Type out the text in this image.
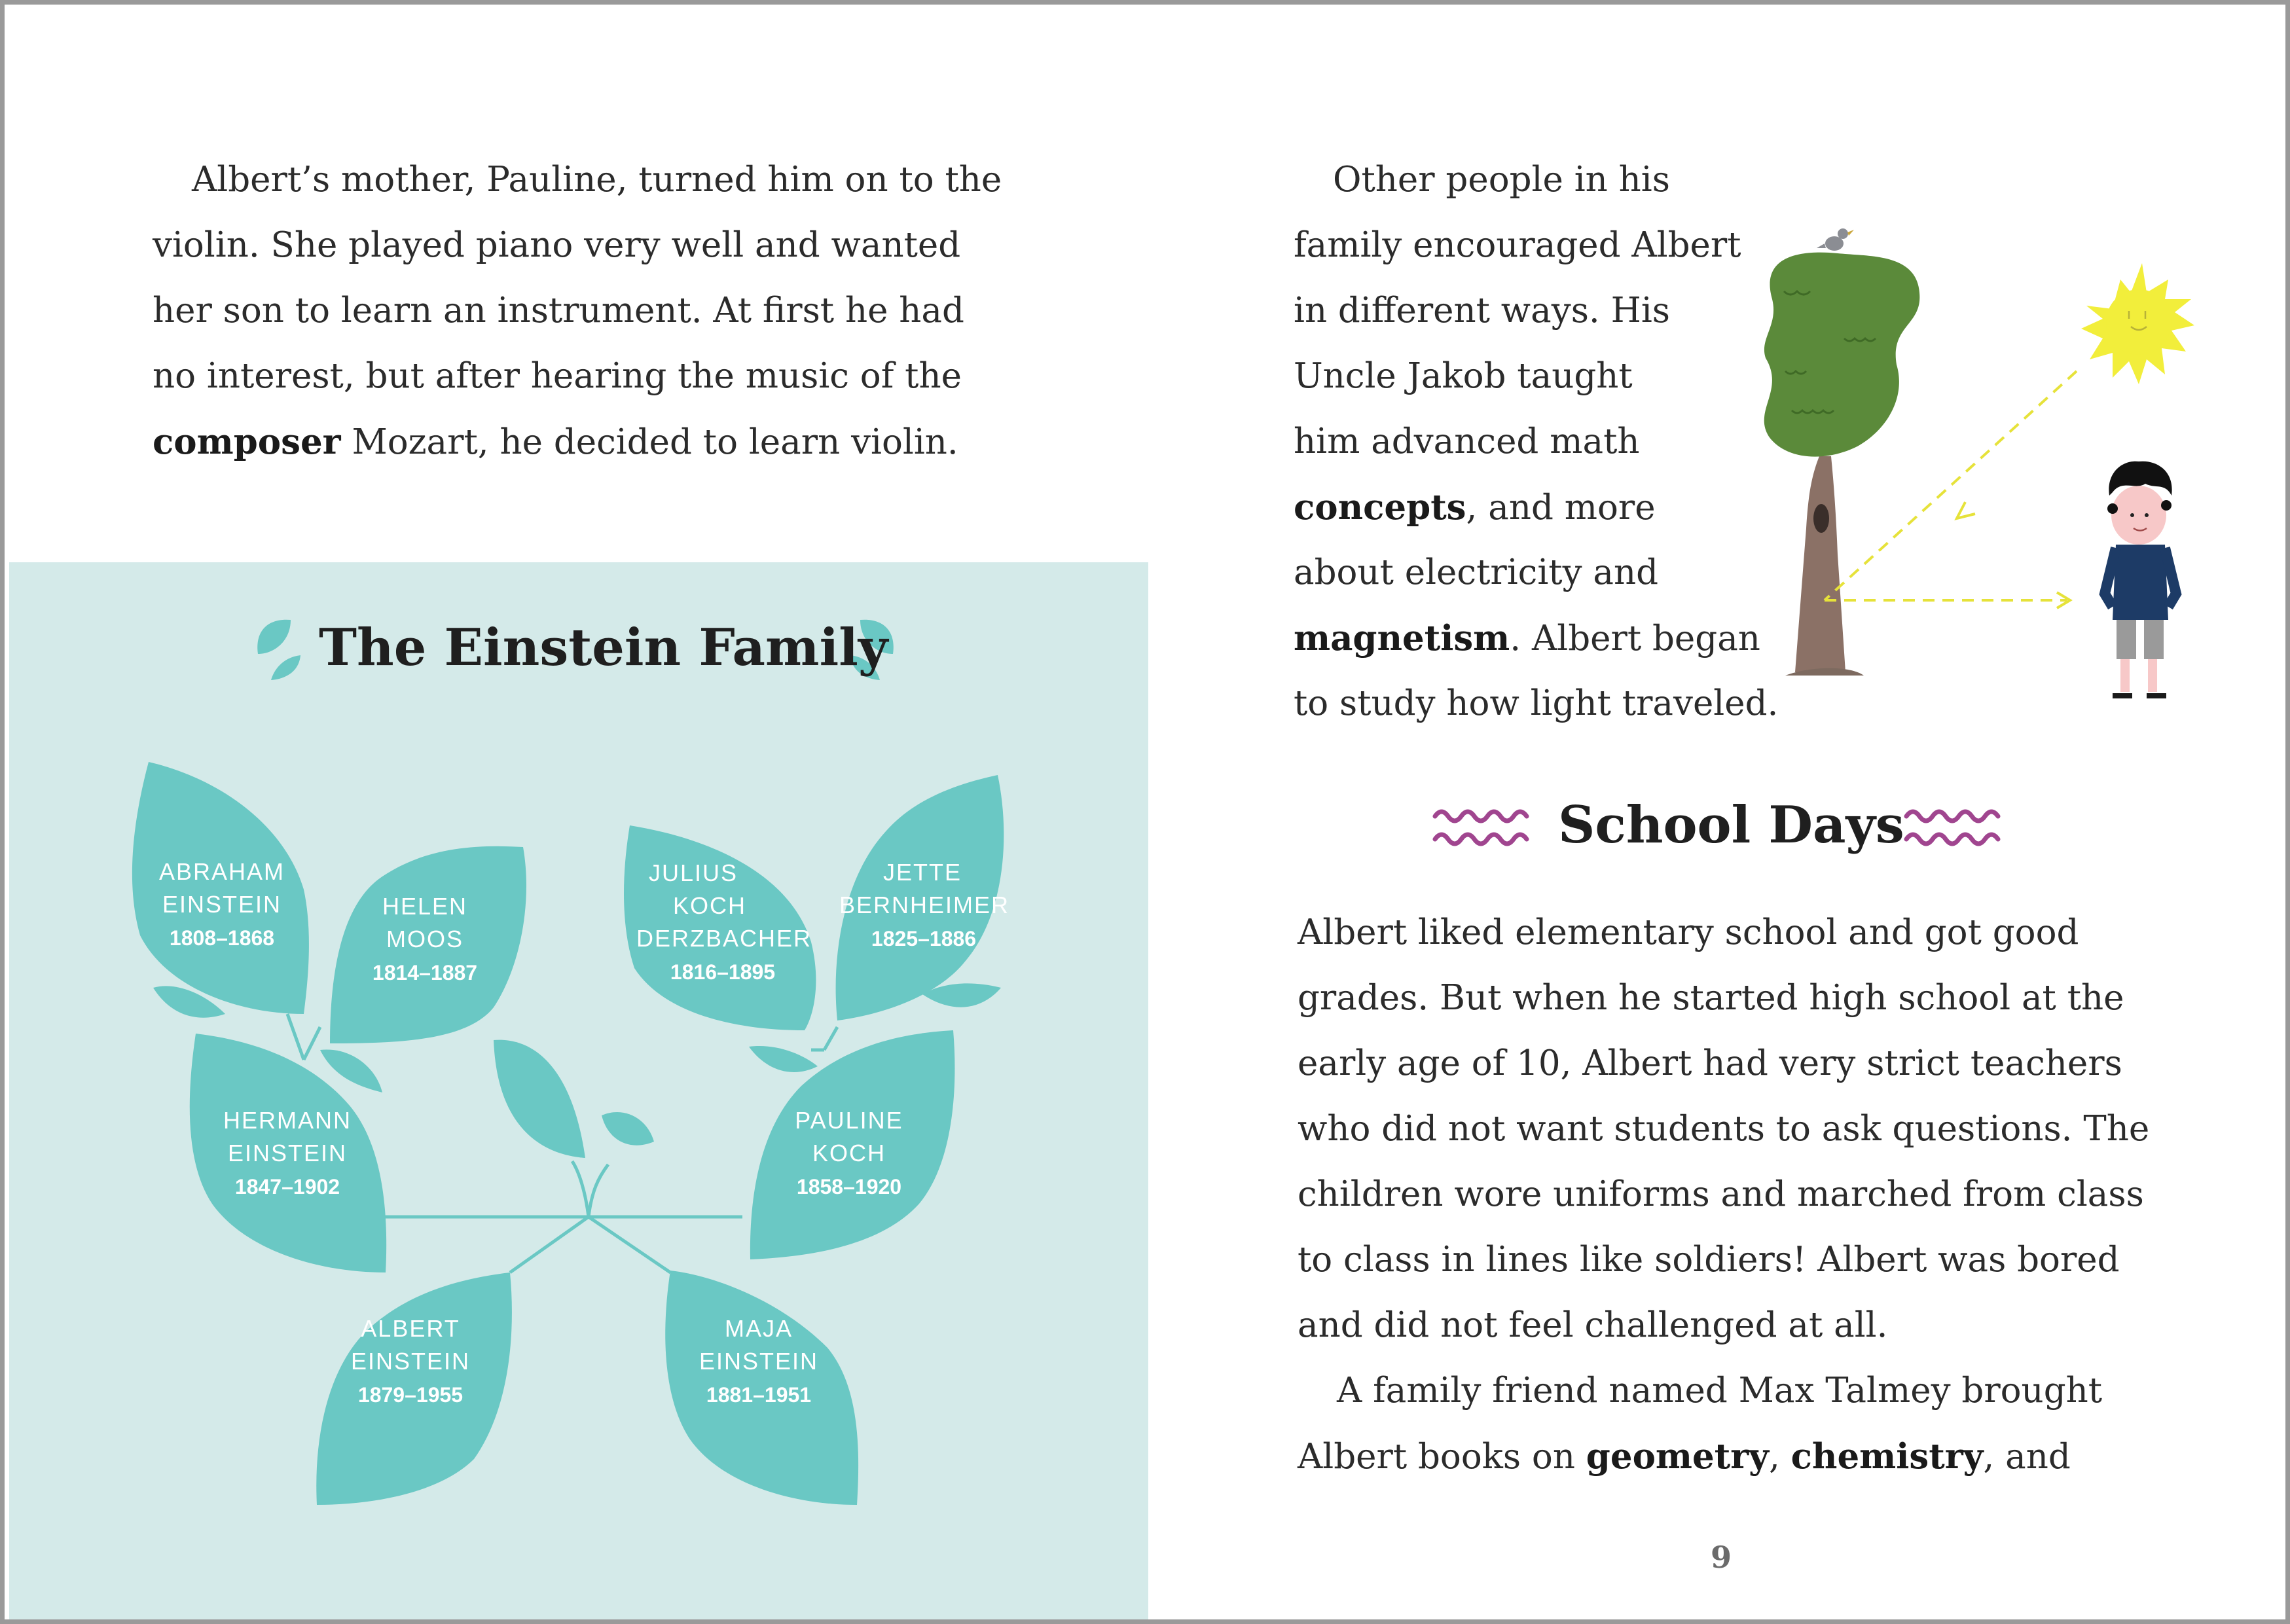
Albert’s mother, Pauline, turned him on to the
violin. She played piano very well and wanted
her son to learn an instrument. At first he had
no interest, but after hearing the music of the
composer Mozart, he decided to learn violin.
ABRAHAM
EINSTEIN
1808–1868
HELEN
MOOS
1814–1887
JULIUS
KOCH
DERZBACHER
1816–1895
JETTE
BERNHEIMER
1825–1886
HERMANN
EINSTEIN
1847–1902
PAULINE
KOCH
1858–1920
ALBERT
EINSTEIN
1879–1955
MAJA
EINSTEIN
1881–1951
The Einstein Family
Other people in his
family encouraged Albert
in different ways. His
Uncle Jakob taught
him advanced math
concepts, and more
about electricity and
magnetism. Albert began
to study how light traveled.
School Days
Albert liked elementary school and got good
grades. But when he started high school at the
early age of 10, Albert had very strict teachers
who did not want students to ask questions. The
children wore uniforms and marched from class
to class in lines like soldiers! Albert was bored
and did not feel challenged at all.
A family friend named Max Talmey brought
Albert books on geometry, chemistry, and
9
